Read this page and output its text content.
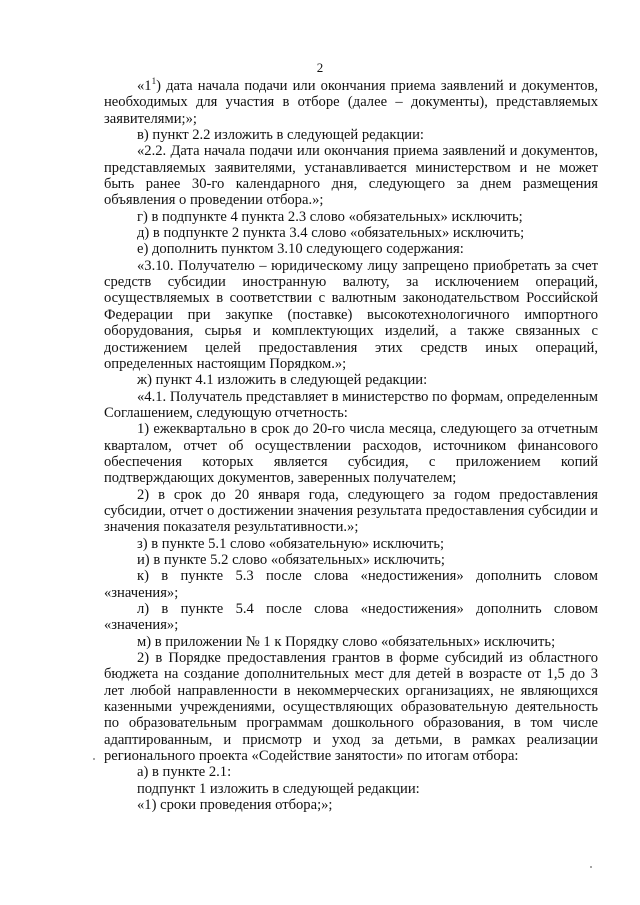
2

«$1^1$) дата начала подачи или окончания приема заявлений и документов, необходимых для участия в отборе (далее – документы), представляемых заявителями;»;

в) пункт 2.2 изложить в следующей редакции:

«2.2. Дата начала подачи или окончания приема заявлений и документов, представляемых заявителями, устанавливается министерством и не может быть ранее 30-го календарного дня, следующего за днем размещения объявления о проведении отбора.»;

г) в подпункте 4 пункта 2.3 слово «обязательных» исключить;

д) в подпункте 2 пункта 3.4 слово «обязательных» исключить;

е) дополнить пунктом 3.10 следующего содержания:

«3.10. Получателю – юридическому лицу запрещено приобретать за счет средств субсидии иностранную валюту, за исключением операций, осуществляемых в соответствии с валютным законодательством Российской Федерации при закупке (поставке) высокотехнологичного импортного оборудования, сырья и комплектующих изделий, а также связанных с достижением целей предоставления этих средств иных операций, определенных настоящим Порядком.»;

ж) пункт 4.1 изложить в следующей редакции:

«4.1. Получатель представляет в министерство по формам, определенным Соглашением, следующую отчетность:

1) ежеквартально в срок до 20-го числа месяца, следующего за отчетным кварталом, отчет об осуществлении расходов, источником финансового обеспечения которых является субсидия, с приложением копий подтверждающих документов, заверенных получателем;

2) в срок до 20 января года, следующего за годом предоставления субсидии, отчет о достижении значения результата предоставления субсидии и значения показателя результативности.»;

з) в пункте 5.1 слово «обязательную» исключить;

и) в пункте 5.2 слово «обязательных» исключить;

к) в пункте 5.3 после слова «недостижения» дополнить словом «значения»;

л) в пункте 5.4 после слова «недостижения» дополнить словом «значения»;

м) в приложении № 1 к Порядку слово «обязательных» исключить;

2) в Порядке предоставления грантов в форме субсидий из областного бюджета на создание дополнительных мест для детей в возрасте от 1,5 до 3 лет любой направленности в некоммерческих организациях, не являющихся казенными учреждениями, осуществляющих образовательную деятельность по образовательным программам дошкольного образования, в том числе адаптированным, и присмотр и уход за детьми, в рамках реализации регионального проекта «Содействие занятости» по итогам отбора:

а) в пункте 2.1:

подпункт 1 изложить в следующей редакции:

«1) сроки проведения отбора;»;
